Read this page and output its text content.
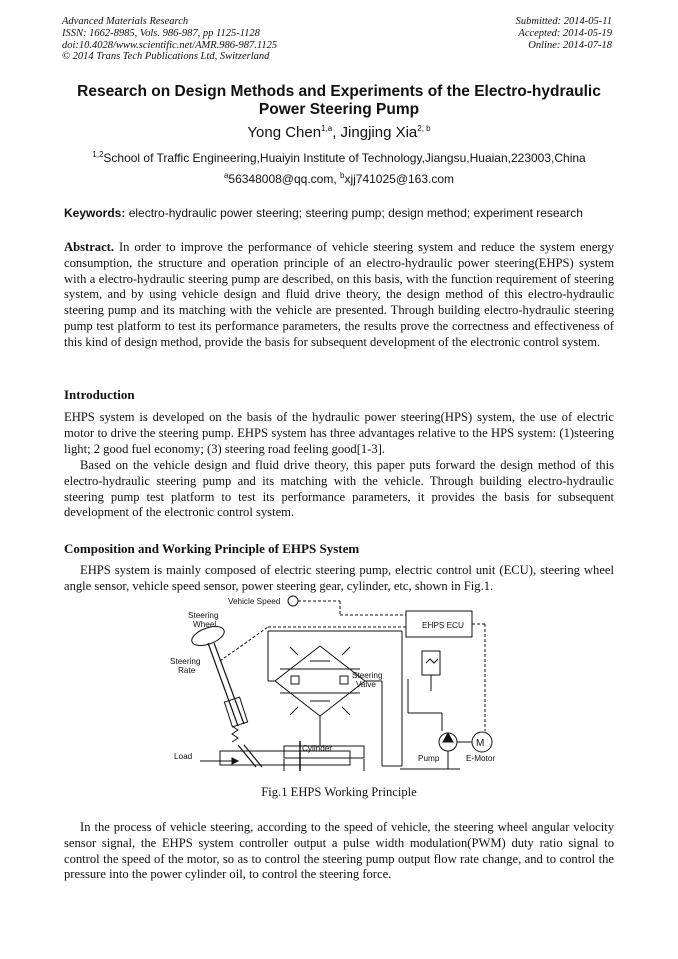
Advanced Materials Research
ISSN: 1662-8985, Vols. 986-987, pp 1125-1128
doi:10.4028/www.scientific.net/AMR.986-987.1125
© 2014 Trans Tech Publications Ltd, Switzerland
Submitted: 2014-05-11
Accepted: 2014-05-19
Online: 2014-07-18
Research on Design Methods and Experiments of the Electro-hydraulic
Power Steering Pump
Yong Chen$^{1,a}$, Jingjing Xia$^{2, b}$
$^{1,2}$School of Traffic Engineering,Huaiyin Institute of Technology,Jiangsu,Huaian,223003,China
$^a$56348008@qq.com, $^b$xjj741025@163.com
Keywords: electro-hydraulic power steering; steering pump; design method; experiment research
Abstract. In order to improve the performance of vehicle steering system and reduce the system energy consumption, the structure and operation principle of an electro-hydraulic power steering(EHPS) system with a electro-hydraulic steering pump are described, on this basis, with the function requirement of steering system, and by using vehicle design and fluid drive theory, the design method of this electro-hydraulic steering pump and its matching with the vehicle are presented. Through building electro-hydraulic steering pump test platform to test its performance parameters, the results prove the correctness and effectiveness of this kind of design method, provide the basis for subsequent development of the electronic control system.
Introduction
EHPS system is developed on the basis of the hydraulic power steering(HPS) system, the use of electric motor to drive the steering pump. EHPS system has three advantages relative to the HPS system: (1)steering light; 2 good fuel economy; (3) steering road feeling good[1-3].
Based on the vehicle design and fluid drive theory, this paper puts forward the design method of this electro-hydraulic steering pump and its matching with the vehicle. Through building electro-hydraulic steering pump test platform to test its performance parameters, it provides the basis for subsequent development of the electronic control system.
Composition and Working Principle of EHPS System
EHPS system is mainly composed of electric steering pump, electric control unit (ECU), steering wheel angle sensor, vehicle speed sensor, power steering gear, cylinder, etc, shown in Fig.1.
Vehicle Speed
Steering
Wheel	EHPS ECU
Steering
Rate
Steering
Valve
Load
Cylinder
Pump	E-Motor
M
Fig.1 EHPS Working Principle
In the process of vehicle steering, according to the speed of vehicle, the steering wheel angular velocity sensor signal, the EHPS system controller output a pulse width modulation(PWM) duty ratio signal to control the speed of the motor, so as to control the steering pump output flow rate change, and to control the pressure into the power cylinder oil, to control the steering force.
